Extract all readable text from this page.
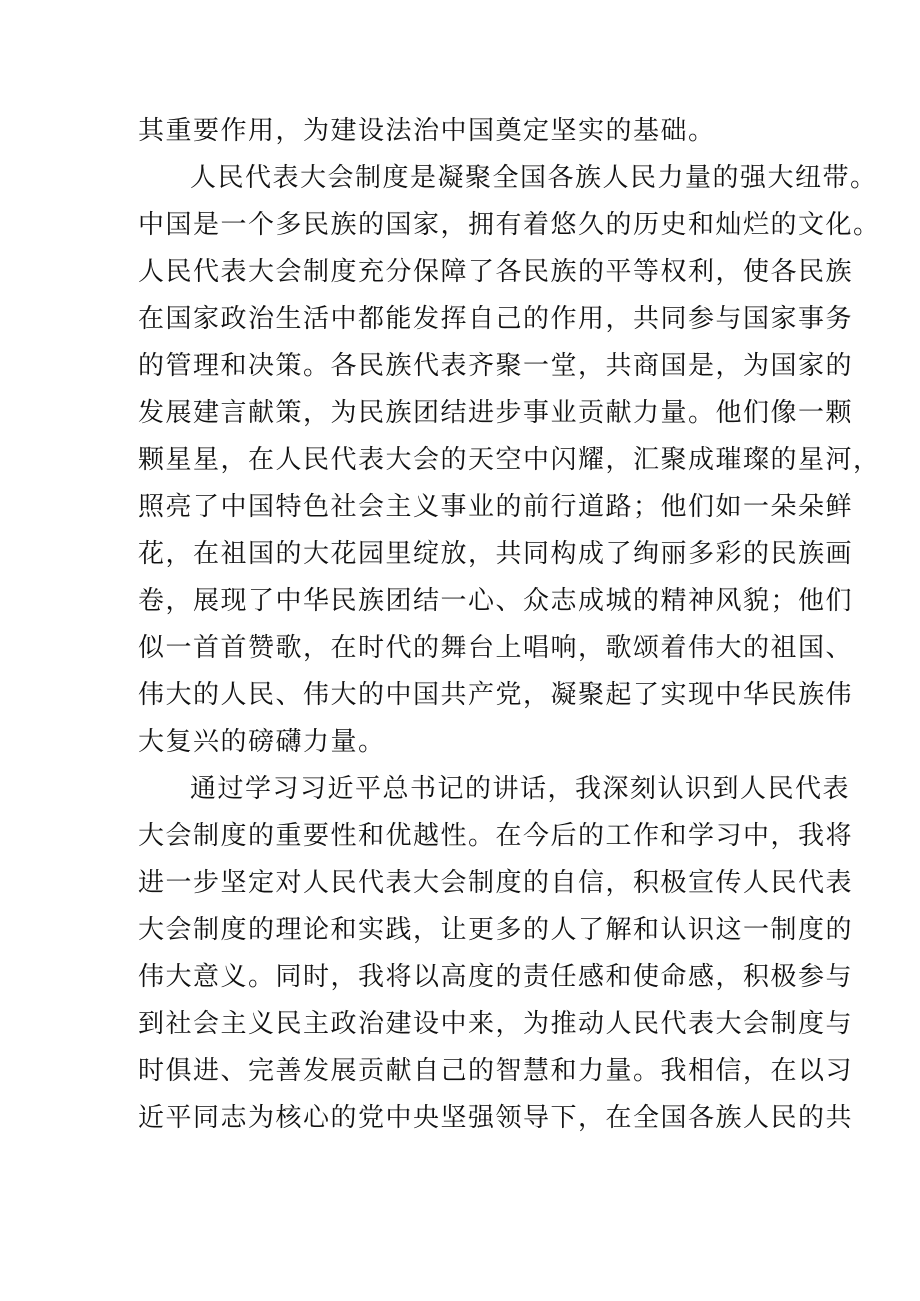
其重要作用，为建设法治中国奠定坚实的基础。
人民代表大会制度是凝聚全国各族人民力量的强大纽带。
中国是一个多民族的国家，拥有着悠久的历史和灿烂的文化。
人民代表大会制度充分保障了各民族的平等权利，使各民族
在国家政治生活中都能发挥自己的作用，共同参与国家事务
的管理和决策。各民族代表齐聚一堂，共商国是，为国家的
发展建言献策，为民族团结进步事业贡献力量。他们像一颗
颗星星，在人民代表大会的天空中闪耀，汇聚成璀璨的星河，
照亮了中国特色社会主义事业的前行道路；他们如一朵朵鲜
花，在祖国的大花园里绽放，共同构成了绚丽多彩的民族画
卷，展现了中华民族团结一心、众志成城的精神风貌；他们
似一首首赞歌，在时代的舞台上唱响，歌颂着伟大的祖国、
伟大的人民、伟大的中国共产党，凝聚起了实现中华民族伟
大复兴的磅礴力量。
通过学习习近平总书记的讲话，我深刻认识到人民代表
大会制度的重要性和优越性。在今后的工作和学习中，我将
进一步坚定对人民代表大会制度的自信，积极宣传人民代表
大会制度的理论和实践，让更多的人了解和认识这一制度的
伟大意义。同时，我将以高度的责任感和使命感，积极参与
到社会主义民主政治建设中来，为推动人民代表大会制度与
时俱进、完善发展贡献自己的智慧和力量。我相信，在以习
近平同志为核心的党中央坚强领导下，在全国各族人民的共
